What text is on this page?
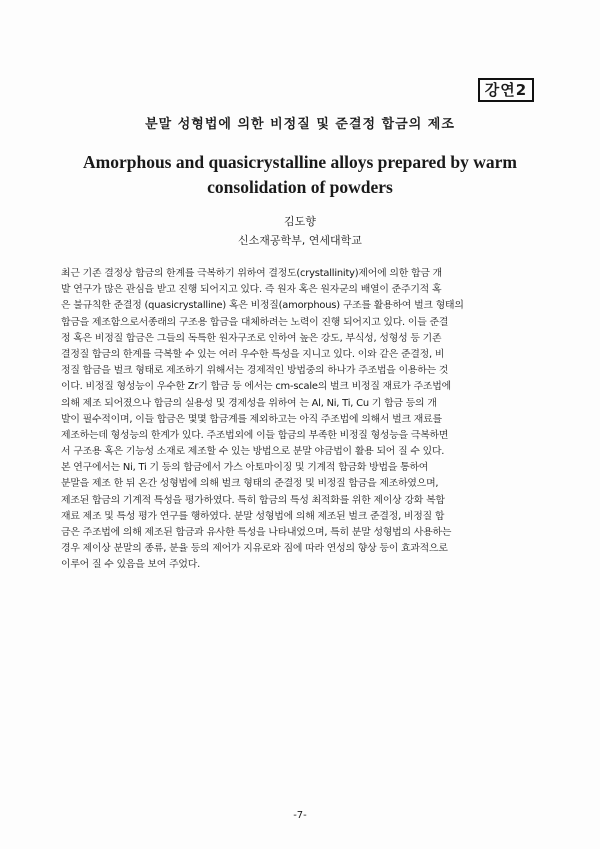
강연2
분말 성형법에 의한 비정질 및 준결정 합금의 제조
Amorphous and quasicrystalline alloys prepared by warm consolidation of powders
김도향
신소재공학부, 연세대학교
최근 기존 결정상 합금의 한계를 극복하기 위하여 결정도(crystallinity)제어에 의한 합금 개
발 연구가 많은 관심을 받고 진행 되어지고 있다. 즉 원자 혹은 원자군의 배열이 준주기적 혹
은 불규칙한 준결정 (quasicrystalline) 혹은 비정질(amorphous) 구조를 활용하여 벌크 형태의
합금을 제조함으로서종래의 구조용 합금을 대체하려는 노력이 진행 되어지고 있다. 이들 준결
정 혹은 비정질 합금은 그들의 독특한 원자구조로 인하여 높은 강도, 부식성, 성형성 등 기존
결정질 합금의 한계를 극복할 수 있는 여러 우수한 특성을 지니고 있다. 이와 같은 준결정, 비
정질 합금을 벌크 형태로 제조하기 위해서는 경제적인 방법중의 하나가 주조법을 이용하는 것
이다. 비정질 형성능이 우수한 Zr기 합금 등 에서는 cm-scale의 벌크 비정질 재료가 주조법에
의해 제조 되어졌으나 합금의 실용성 및 경제성을 위하여 는 Al, Ni, Ti, Cu 기 합금 등의 개
발이 필수적이며, 이들 합금은 몇몇 합금계를 제외하고는 아직 주조법에 의해서 벌크 재료를
제조하는데 형성능의 한계가 있다. 주조법외에 이들 합금의 부족한 비정질 형성능을 극복하면
서 구조용 혹은 기능성 소재로 제조할 수 있는 방법으로 분말 야금법이 활용 되어 질 수 있다.
본 연구에서는 Ni, Ti 기 등의 합금에서 가스 아토마이징 및 기계적 합금화 방법을 통하여
분말을 제조 한 뒤 온간 성형법에 의해 벌크 형태의 준결정 및 비정질 합금을 제조하였으며,
제조된 합금의 기계적 특성을 평가하였다. 특히 합금의 특성 최적화를 위한 제이상 강화 복합
재료 제조 및 특성 평가 연구를 행하였다. 분말 성형법에 의해 제조된 벌크 준결정, 비정질 합
금은 주조법에 의해 제조된 합금과 유사한 특성을 나타내었으며, 특히 분말 성형법의 사용하는
경우 제이상 분말의 종류, 분율 등의 제어가 지유로와 짐에 따라 연성의 향상 등이 효과적으로
이루어 질 수 있음을 보여 주었다.
-7-
